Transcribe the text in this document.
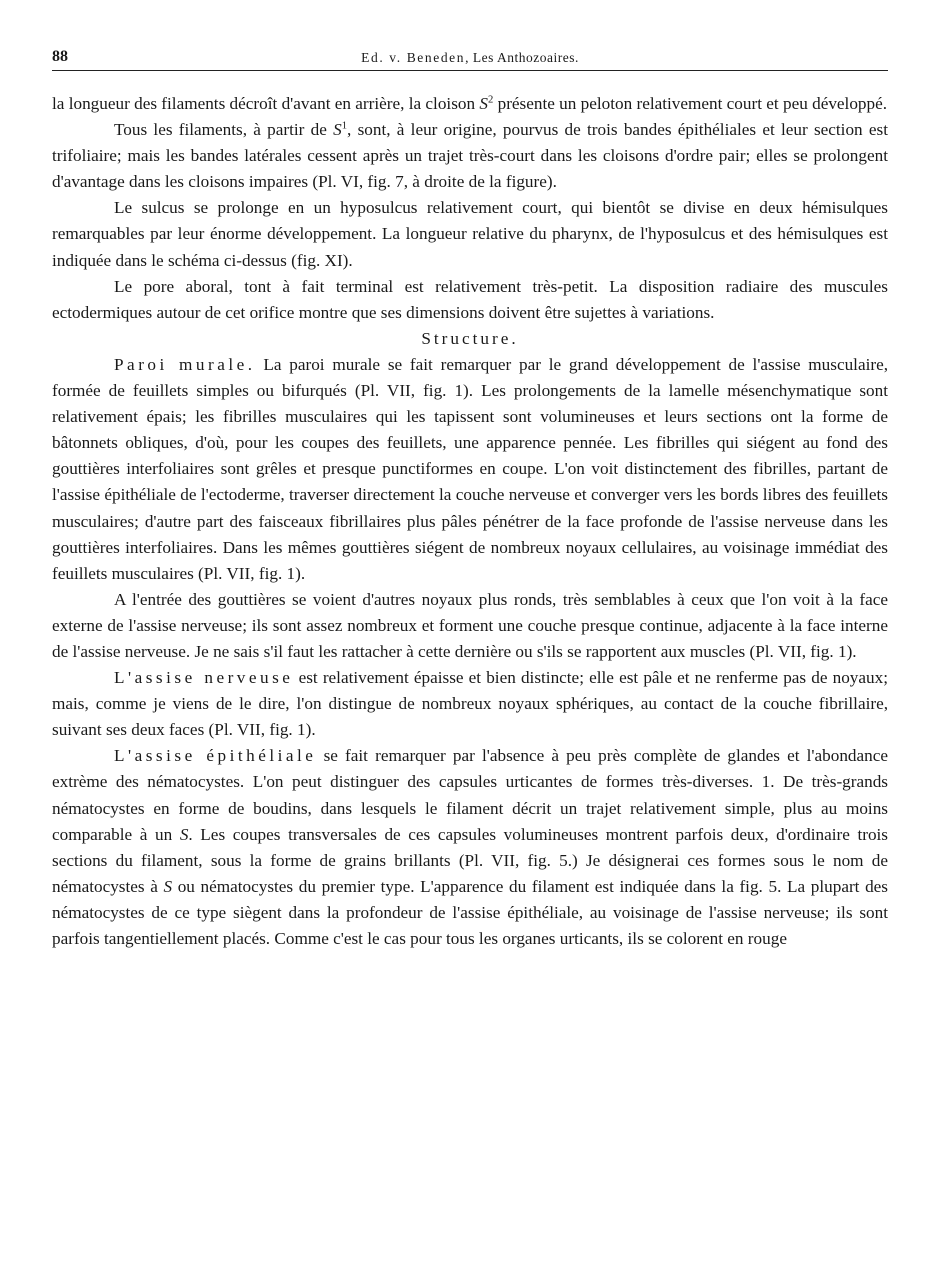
88	Ed. v. Beneden, Les Anthozoaires.

la longueur des filaments décroît d'avant en arrière, la cloison $S^2$ présente un peloton relativement court et peu développé.

Tous les filaments, à partir de $S^1$, sont, à leur origine, pourvus de trois bandes épithéliales et leur section est trifoliaire; mais les bandes latérales cessent après un trajet très-court dans les cloisons d'ordre pair; elles se prolongent d'avantage dans les cloisons impaires (Pl. VI, fig. 7, à droite de la figure).

Le sulcus se prolonge en un hyposulcus relativement court, qui bientôt se divise en deux hémisulques remarquables par leur énorme développement. La longueur relative du pharynx, de l'hyposulcus et des hémisulques est indiquée dans le schéma ci-dessus (fig. XI).

Le pore aboral, tont à fait terminal est relativement très-petit. La disposition radiaire des muscules ectodermiques autour de cet orifice montre que ses dimensions doivent être sujettes à variations.

Structure.

Paroi murale. La paroi murale se fait remarquer par le grand développement de l'assise musculaire, formée de feuillets simples ou bifurqués (Pl. VII, fig. 1). Les prolongements de la lamelle mésenchymatique sont relativement épais; les fibrilles musculaires qui les tapissent sont volumineuses et leurs sections ont la forme de bâtonnets obliques, d'où, pour les coupes des feuillets, une apparence pennée. Les fibrilles qui siégent au fond des gouttières interfoliaires sont grêles et presque punctiformes en coupe. L'on voit distinctement des fibrilles, partant de l'assise épithéliale de l'ectoderme, traverser directement la couche nerveuse et converger vers les bords libres des feuillets musculaires; d'autre part des faisceaux fibrillaires plus pâles pénétrer de la face profonde de l'assise nerveuse dans les gouttières interfoliaires. Dans les mêmes gouttières siégent de nombreux noyaux cellulaires, au voisinage immédiat des feuillets musculaires (Pl. VII, fig. 1).

A l'entrée des gouttières se voient d'autres noyaux plus ronds, très semblables à ceux que l'on voit à la face externe de l'assise nerveuse; ils sont assez nombreux et forment une couche presque continue, adjacente à la face interne de l'assise nerveuse. Je ne sais s'il faut les rattacher à cette dernière ou s'ils se rapportent aux muscles (Pl. VII, fig. 1).

L'assise nerveuse est relativement épaisse et bien distincte; elle est pâle et ne renferme pas de noyaux; mais, comme je viens de le dire, l'on distingue de nombreux noyaux sphériques, au contact de la couche fibrillaire, suivant ses deux faces (Pl. VII, fig. 1).

L'assise épithéliale se fait remarquer par l'absence à peu près complète de glandes et l'abondance extrème des nématocystes. L'on peut distinguer des capsules urticantes de formes très-diverses. 1. De très-grands nématocystes en forme de boudins, dans lesquels le filament décrit un trajet relativement simple, plus au moins comparable à un S. Les coupes transversales de ces capsules volumineuses montrent parfois deux, d'ordinaire trois sections du filament, sous la forme de grains brillants (Pl. VII, fig. 5.) Je désignerai ces formes sous le nom de nématocystes à S ou nématocystes du premier type. L'apparence du filament est indiquée dans la fig. 5. La plupart des nématocystes de ce type siègent dans la profondeur de l'assise épithéliale, au voisinage de l'assise nerveuse; ils sont parfois tangentiellement placés. Comme c'est le cas pour tous les organes urticants, ils se colorent en rouge
